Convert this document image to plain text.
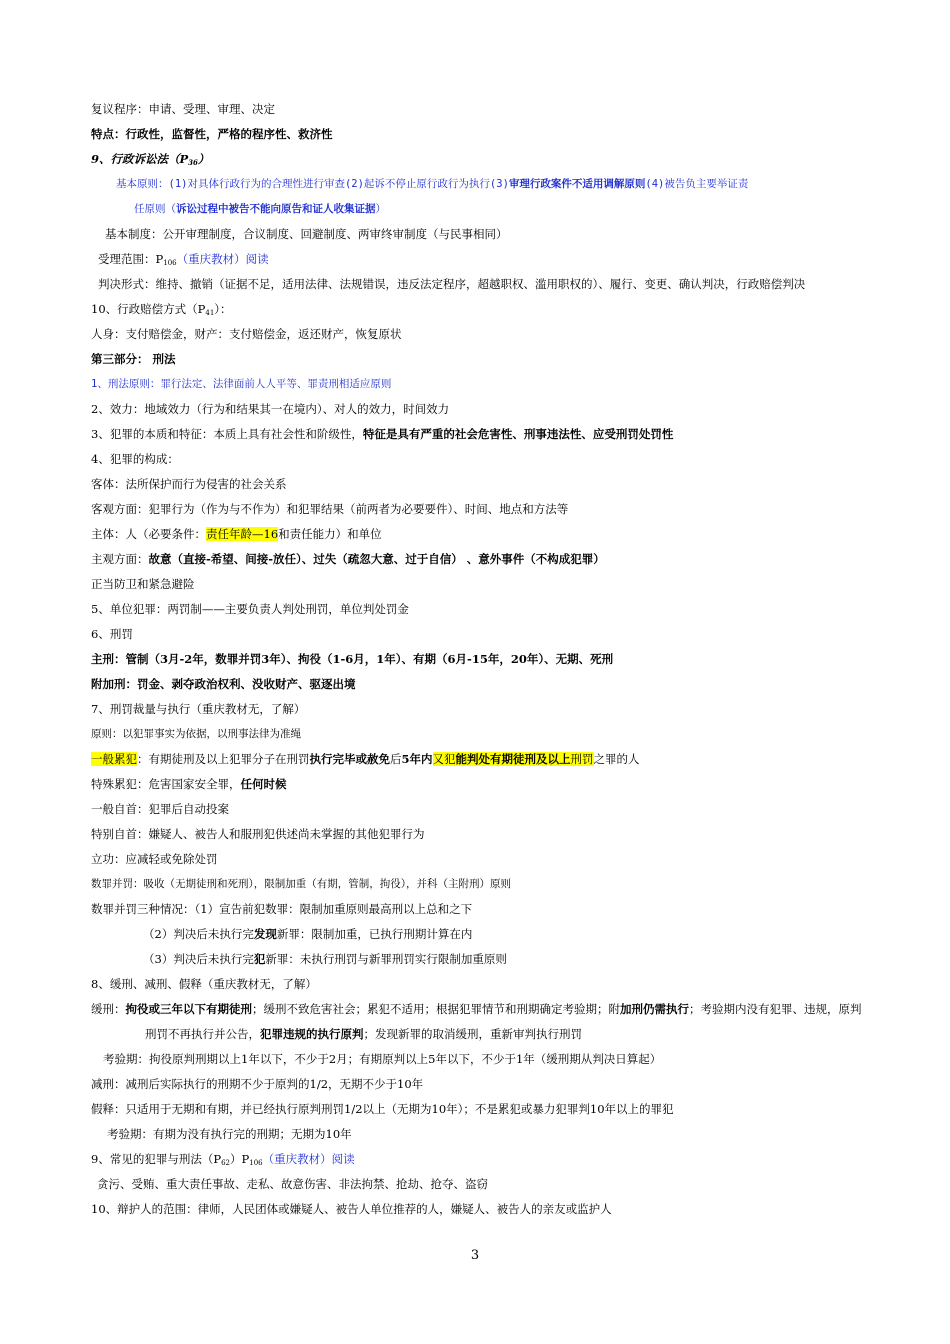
复议程序：申请、受理、审理、决定
特点：行政性，监督性，严格的程序性、救济性
9、行政诉讼法$(P_{36})$
基本原则：(1)对具体行政行为的合理性进行审查(2)起诉不停止原行政行为执行(3)审理行政案件不适用调解原则(4)被告负主要举证责
任原则（诉讼过程中被告不能向原告和证人收集证据）
基本制度：公开审理制度，合议制度、回避制度、两审终审制度（与民事相同）
受理范围：$P_{106}$（重庆教材）阅读
判决形式：维持、撤销（证据不足，适用法律、法规错误，违反法定程序，超越职权、滥用职权的）、履行、变更、确认判决，行政赔偿判决
10、行政赔偿方式$(P_{41})$：
人身：支付赔偿金，财产：支付赔偿金，返还财产，恢复原状
第三部分： 刑法
1、刑法原则：罪行法定、法律面前人人平等、罪责刑相适应原则
2、效力：地域效力（行为和结果其一在境内）、对人的效力，时间效力
3、犯罪的本质和特征：本质上具有社会性和阶级性，特征是具有严重的社会危害性、刑事违法性、应受刑罚处罚性
4、犯罪的构成：
客体：法所保护而行为侵害的社会关系
客观方面：犯罪行为（作为与不作为）和犯罪结果（前两者为必要要件）、时间、地点和方法等
主体：人（必要条件：责任年龄—16和责任能力）和单位
主观方面：故意（直接-希望、间接-放任）、过失（疏忽大意、过于自信） 、意外事件（不构成犯罪）
正当防卫和紧急避险
5、单位犯罪：两罚制——主要负责人判处刑罚，单位判处罚金
6、刑罚
主刑：管制（3月-2年，数罪并罚3年）、拘役（1-6月，1年）、有期（6月-15年，20年）、无期、死刑
附加刑：罚金、剥夺政治权利、没收财产、驱逐出境
7、刑罚裁量与执行（重庆教材无，了解）
原则：以犯罪事实为依据，以刑事法律为准绳
一般累犯：有期徒刑及以上犯罪分子在刑罚执行完毕或赦免后5年内又犯能判处有期徒刑及以上刑罚之罪的人
特殊累犯：危害国家安全罪，任何时候
一般自首：犯罪后自动投案
特别自首：嫌疑人、被告人和服刑犯供述尚未掌握的其他犯罪行为
立功：应减轻或免除处罚
数罪并罚：吸收（无期徒刑和死刑），限制加重（有期，管制，拘役），并科（主附刑）原则
数罪并罚三种情况：（1）宣告前犯数罪：限制加重原则最高刑以上总和之下
（2）判决后未执行完发现新罪：限制加重，已执行刑期计算在内
（3）判决后未执行完犯新罪：未执行刑罚与新罪刑罚实行限制加重原则
8、缓刑、减刑、假释（重庆教材无，了解）
缓刑：拘役或三年以下有期徒刑；缓刑不致危害社会；累犯不适用；根据犯罪情节和刑期确定考验期；附加刑仍需执行；考验期内没有犯罪、违规，原判
刑罚不再执行并公告，犯罪违规的执行原判；发现新罪的取消缓刑，重新审判执行刑罚
考验期：拘役原判刑期以上1年以下，不少于2月；有期原判以上5年以下，不少于1年（缓刑期从判决日算起）
减刑：减刑后实际执行的刑期不少于原判的1/2，无期不少于10年
假释：只适用于无期和有期，并已经执行原判刑罚1/2以上（无期为10年）；不是累犯或暴力犯罪判10年以上的罪犯
考验期：有期为没有执行完的刑期；无期为10年
9、常见的犯罪与刑法$(P_{62})P_{106}$（重庆教材）阅读
贪污、受贿、重大责任事故、走私、故意伤害、非法拘禁、抢劫、抢夺、盗窃
10、辩护人的范围：律师，人民团体或嫌疑人、被告人单位推荐的人，嫌疑人、被告人的亲友或监护人
3
